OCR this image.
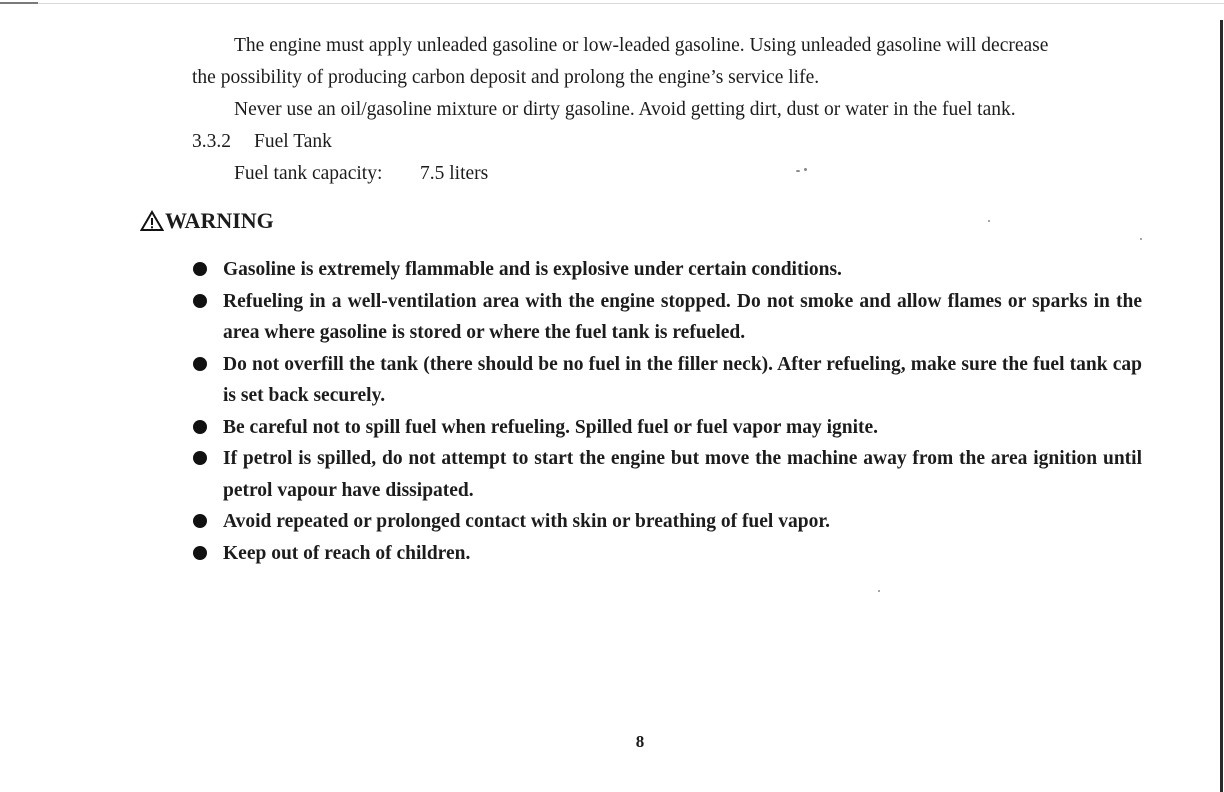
The engine must apply unleaded gasoline or low-leaded gasoline. Using unleaded gasoline will decrease

the possibility of producing carbon deposit and prolong the engine’s service life.

Never use an oil/gasoline mixture or dirty gasoline. Avoid getting dirt, dust or water in the fuel tank.

3.3.2 Fuel Tank
Fuel tank capacity: 7.5 liters
WARNING
Gasoline is extremely flammable and is explosive under certain conditions.
Refueling in a well-ventilation area with the engine stopped. Do not smoke and allow flames or sparks in the area where gasoline is stored or where the fuel tank is refueled.
Do not overfill the tank (there should be no fuel in the filler neck). After refueling, make sure the fuel tank cap is set back securely.
Be careful not to spill fuel when refueling. Spilled fuel or fuel vapor may ignite.
If petrol is spilled, do not attempt to start the engine but move the machine away from the area ignition until petrol vapour have dissipated.
Avoid repeated or prolonged contact with skin or breathing of fuel vapor.
Keep out of reach of children.
8
